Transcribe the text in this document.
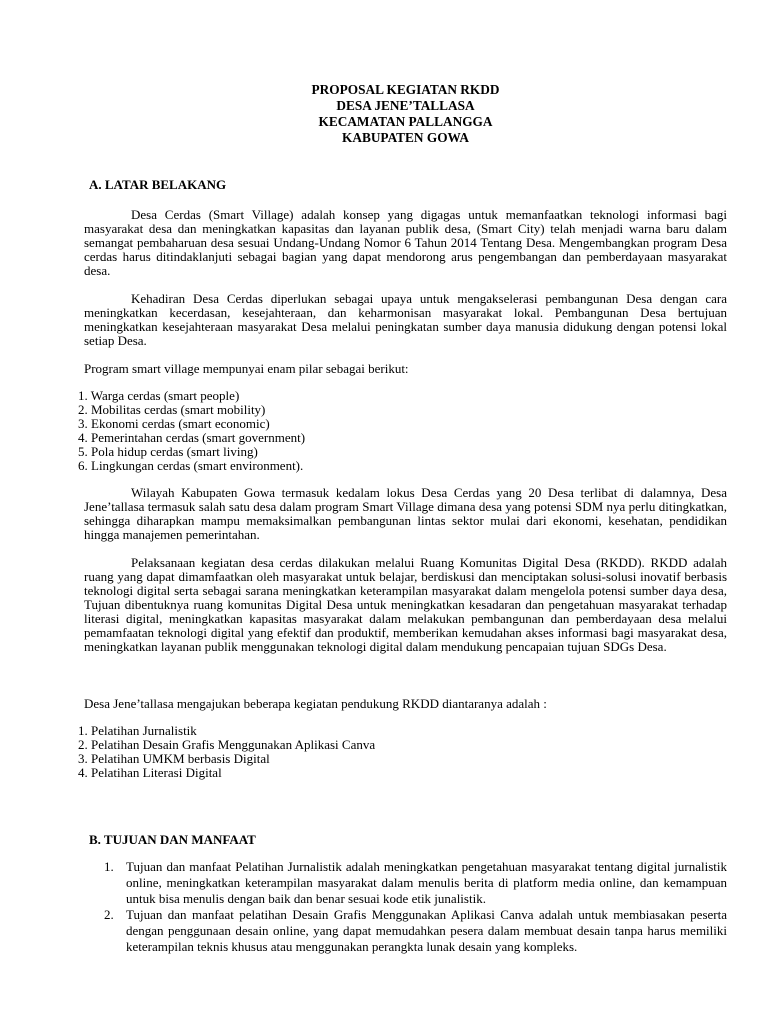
PROPOSAL KEGIATAN RKDD
DESA JENE’TALLASA
KECAMATAN PALLANGGA
KABUPATEN GOWA
A. LATAR BELAKANG
Desa Cerdas (Smart Village) adalah konsep yang digagas untuk memanfaatkan teknologi informasi bagi masyarakat desa dan meningkatkan kapasitas dan layanan publik desa, (Smart City) telah menjadi warna baru dalam semangat pembaharuan desa sesuai Undang-Undang Nomor 6 Tahun 2014 Tentang Desa. Mengembangkan program Desa cerdas harus ditindaklanjuti sebagai bagian yang dapat mendorong arus pengembangan dan pemberdayaan masyarakat desa.
Kehadiran Desa Cerdas diperlukan sebagai upaya untuk mengakselerasi pembangunan Desa dengan cara meningkatkan kecerdasan, kesejahteraan, dan keharmonisan masyarakat lokal. Pembangunan Desa bertujuan meningkatkan kesejahteraan masyarakat Desa melalui peningkatan sumber daya manusia didukung dengan potensi lokal setiap Desa.
Program smart village mempunyai enam pilar sebagai berikut:
1. Warga cerdas (smart people)
2. Mobilitas cerdas (smart mobility)
3. Ekonomi cerdas (smart economic)
4. Pemerintahan cerdas (smart government)
5. Pola hidup cerdas (smart living)
6. Lingkungan cerdas (smart environment).
Wilayah Kabupaten Gowa termasuk kedalam lokus Desa Cerdas yang 20 Desa terlibat di dalamnya, Desa Jene’tallasa termasuk salah satu desa dalam program Smart Village dimana desa yang potensi SDM nya perlu ditingkatkan, sehingga diharapkan mampu memaksimalkan pembangunan lintas sektor mulai dari ekonomi, kesehatan, pendidikan hingga manajemen pemerintahan.
Pelaksanaan kegiatan desa cerdas dilakukan melalui Ruang Komunitas Digital Desa (RKDD). RKDD adalah ruang yang dapat dimamfaatkan oleh masyarakat untuk belajar, berdiskusi dan menciptakan solusi-solusi inovatif berbasis teknologi digital serta sebagai sarana meningkatkan keterampilan masyarakat dalam mengelola potensi sumber daya desa, Tujuan dibentuknya ruang komunitas Digital Desa untuk meningkatkan kesadaran dan pengetahuan masyarakat terhadap literasi digital, meningkatkan kapasitas masyarakat dalam melakukan pembangunan dan pemberdayaan desa melalui pemamfaatan teknologi digital yang efektif dan produktif, memberikan kemudahan akses informasi bagi masyarakat desa, meningkatkan layanan publik menggunakan teknologi digital dalam mendukung pencapaian tujuan SDGs Desa.
Desa Jene’tallasa mengajukan beberapa kegiatan pendukung RKDD diantaranya adalah :
1. Pelatihan Jurnalistik
2. Pelatihan Desain Grafis Menggunakan Aplikasi Canva
3. Pelatihan UMKM berbasis Digital
4. Pelatihan Literasi Digital
B. TUJUAN DAN MANFAAT
1. Tujuan dan manfaat Pelatihan Jurnalistik adalah meningkatkan pengetahuan masyarakat tentang digital jurnalistik online, meningkatkan keterampilan masyarakat dalam menulis berita di platform media online, dan kemampuan untuk bisa menulis dengan baik dan benar sesuai kode etik junalistik.
2. Tujuan dan manfaat pelatihan Desain Grafis Menggunakan Aplikasi Canva adalah untuk membiasakan peserta dengan penggunaan desain online, yang dapat memudahkan pesera dalam membuat desain tanpa harus memiliki keterampilan teknis khusus atau menggunakan perangkta lunak desain yang kompleks.
